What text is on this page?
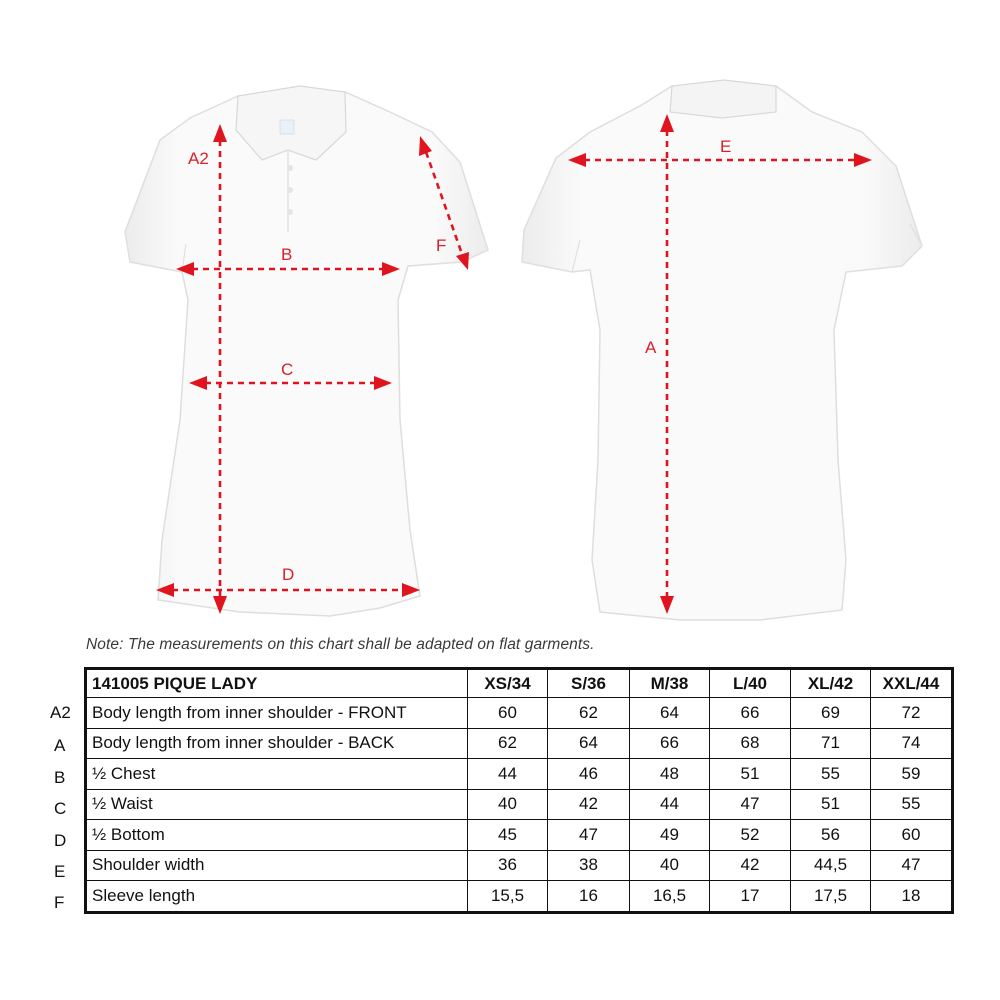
A2
B
C
D
F
E
A
Note: The measurements on this chart shall be adapted on flat garments.
A2
A
B
C
D
E
F
141005 PIQUE LADY	XS/34	S/36	M/38	L/40	XL/42	XXL/44
Body length from inner shoulder - FRONT	60	62	64	66	69	72
Body length from inner shoulder - BACK	62	64	66	68	71	74
½ Chest	44	46	48	51	55	59
½ Waist	40	42	44	47	51	55
½ Bottom	45	47	49	52	56	60
Shoulder width	36	38	40	42	44,5	47
Sleeve length	15,5	16	16,5	17	17,5	18
